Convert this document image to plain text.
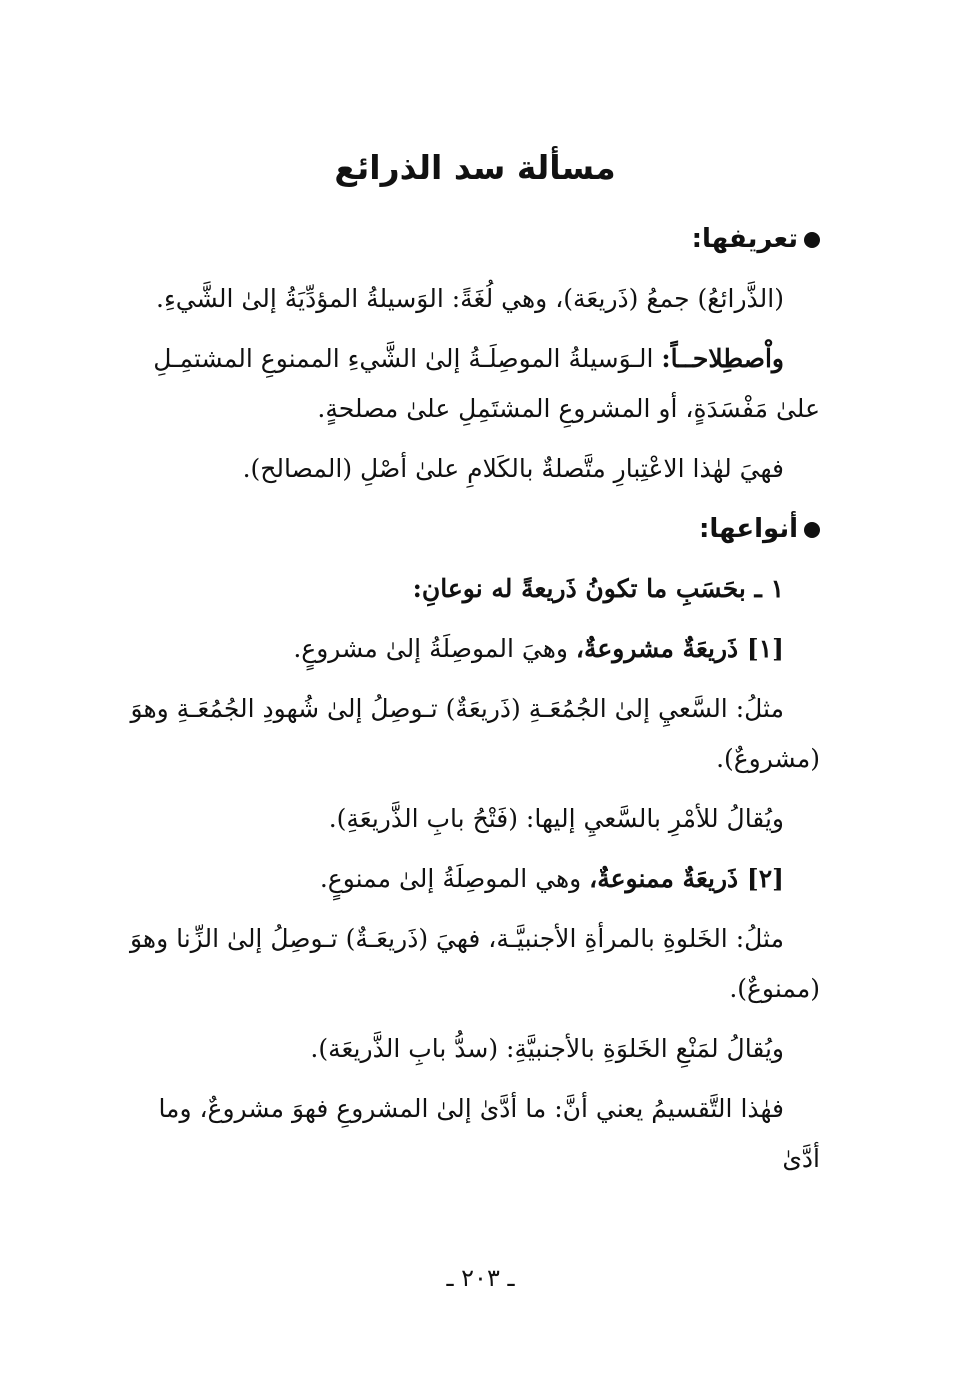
مسألة سد الذرائع
تعريفها:

(الذَّرائعُ) جمعُ (ذَريعَة)، وهي لُغَةً: الوَسيلةُ المؤدِّيَةُ إلىٰ الشَّيءِ.

واْصطِلاحــاً: الـوَسيلةُ الموصِلَـةُ إلىٰ الشَّيءِ الممنوعِ المشتمِـلِ علىٰ مَفْسَدَةٍ، أو المشروعِ المشتَمِلِ علىٰ مصلحةٍ.

فهيَ لهٰذا الاعْتِبارِ متَّصلةٌ بالكَلامِ علىٰ أصْلِ (المصالح).

أنواعها:

١ ـ بحَسَبِ ما تكونُ ذَريعةً له نوعانِ:

[١] ذَريعَةٌ مشروعةٌ، وهيَ الموصِلَةُ إلىٰ مشروعٍ.

مثلُ: السَّعيِ إلىٰ الجُمُعَـةِ (ذَريعَةٌ) تـوصِلُ إلىٰ شُهودِ الجُمُعَـةِ وهوَ (مشروعٌ).

ويُقالُ للأمْرِ بالسَّعيِ إليها: (فَتْحُ بابِ الذَّريعَةِ).

[٢] ذَريعَةٌ ممنوعةٌ، وهي الموصِلَةُ إلىٰ ممنوعٍ.

مثلُ: الخَلوةِ بالمرأةِ الأجنبيَّـة، فهيَ (ذَريعَـةٌ) تـوصِلُ إلىٰ الزِّنا وهوَ (ممنوعٌ).

ويُقالُ لمَنْعِ الخَلوَةِ بالأجنبيَّةِ: (سدُّ بابِ الذَّريعَة).

فهٰذا التَّقسيمُ يعني أنَّ: ما أدَّىٰ إلىٰ المشروعِ فهوَ مشروعٌ، وما أدَّىٰ

ـ ٢٠٣ ـ
